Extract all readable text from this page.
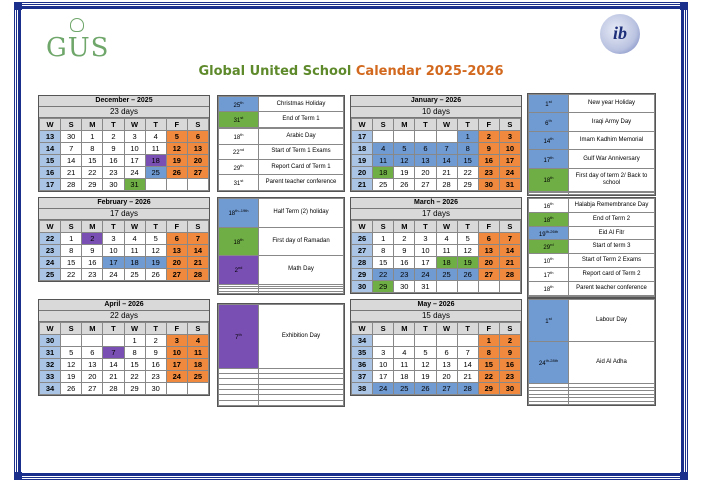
GUS	ib
Global United School Calendar 2025-2026
December – 2025
23 days
W	S	M	T	W	T	F	S
13	30	1	2	3	4	5	6
14	7	8	9	10	11	12	13
15	14	15	16	17	18	19	20
16	21	22	23	24	25	26	27
17	28	29	30	31			
January – 2026
10 days
W	S	M	T	W	T	F	S
17					1	2	3
18	4	5	6	7	8	9	10
19	11	12	13	14	15	16	17
20	18	19	20	21	22	23	24
21	25	26	27	28	29	30	31
February – 2026
17 days
W	S	M	T	W	T	F	S
22	1	2	3	4	5	6	7
23	8	9	10	11	12	13	14
24	15	16	17	18	19	20	21
25	22	23	24	25	26	27	28
March – 2026
17 days
W	S	M	T	W	T	F	S
26	1	2	3	4	5	6	7
27	8	9	10	11	12	13	14
28	15	16	17	18	19	20	21
29	22	23	24	25	26	27	28
30	29	30	31				
April – 2026
22 days
W	S	M	T	W	T	F	S
30				1	2	3	4
31	5	6	7	8	9	10	11
32	12	13	14	15	16	17	18
33	19	20	21	22	23	24	25
34	26	27	28	29	30		
May – 2026
15 days
W	S	M	T	W	T	F	S
34						1	2
35	3	4	5	6	7	8	9
36	10	11	12	13	14	15	16
37	17	18	19	20	21	22	23
38	24	25	26	27	28	29	30
25th	Christmas Holiday
31st	End of Term 1

18th	Arabic Day
22nd	Start of Term 1 Exams
29th	Report Card of Term 1
31st	Parent teacher conference
1st	New year Holiday
6th	Iraqi Army Day
14th	Imam Kadhim Memorial
17th	Gulf War Anniversary
18th	First day of term 2/ Back to school

$18^{th-19th}$	Half Term (2) holiday
18th	First day of Ramadan
2nd	Math Day

16th	Halabja Remembrance Day
18th	End of Term 2
$19^{th-26th}$	Eid Al Fitr
29rd	Start of term 3
10th	Start of Term 2 Exams
17th	Report card of Term 2
18th	Parent teacher conference

7th	Exhibition Day

1st	Labour Day
$24^{th-28th}$	Aid Al Adha
